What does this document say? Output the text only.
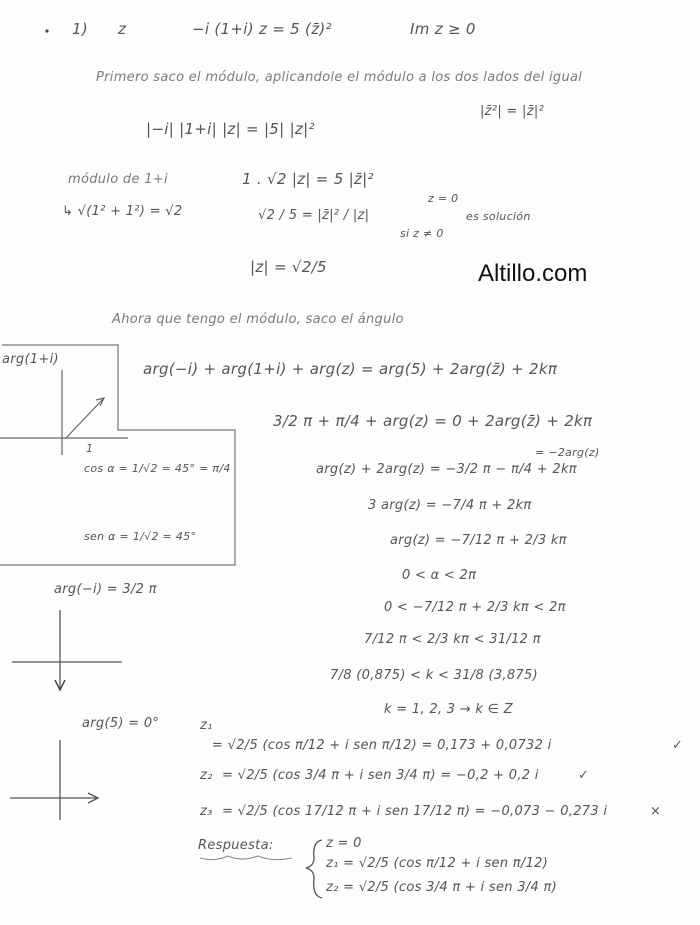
Altillo.com
1) z	−i (1+i) z = 5 (z̄)²	Im z ≥ 0
Primero saco el módulo, aplicandole el módulo a los dos lados del igual
|−i| |1+i| |z| = |5| |z|²
|z̄²| = |z̄|²
módulo de 1+i	1 . √2 |z| = 5 |z̄|²
↳ √(1² + 1²) = √2	√2 / 5 = |z̄|² / |z|
z = 0
es solución
si z ≠ 0
|z| = √2/5
Ahora que tengo el módulo, saco el ángulo
arg(1+i)
1
cos α = 1/√2 = 45° = π/4
sen α = 1/√2 = 45°
arg(−i) = 3/2 π
arg(5) = 0°
arg(−i) + arg(1+i) + arg(z) = arg(5) + 2arg(z̄) + 2kπ
3/2 π + π/4 + arg(z) = 0 + 2arg(z̄) + 2kπ
= −2arg(z)
arg(z) + 2arg(z) = −3/2 π − π/4 + 2kπ
3 arg(z) = −7/4 π + 2kπ
arg(z) = −7/12 π + 2/3 kπ
0 < α < 2π
0 < −7/12 π + 2/3 kπ < 2π
7/12 π < 2/3 kπ < 31/12 π
7/8 (0,875) < k < 31/8 (3,875)
k = 1, 2, 3 → k ∈ Z
z₁
= √2/5 (cos π/12 + i sen π/12) = 0,173 + 0,0732 i	✓
z₂ = √2/5 (cos 3/4 π + i sen 3/4 π) = −0,2 + 0,2 i	✓
z₃ = √2/5 (cos 17/12 π + i sen 17/12 π) = −0,073 − 0,273 i	×
Respuesta:	z = 0
z₁ = √2/5 (cos π/12 + i sen π/12)
z₂ = √2/5 (cos 3/4 π + i sen 3/4 π)
